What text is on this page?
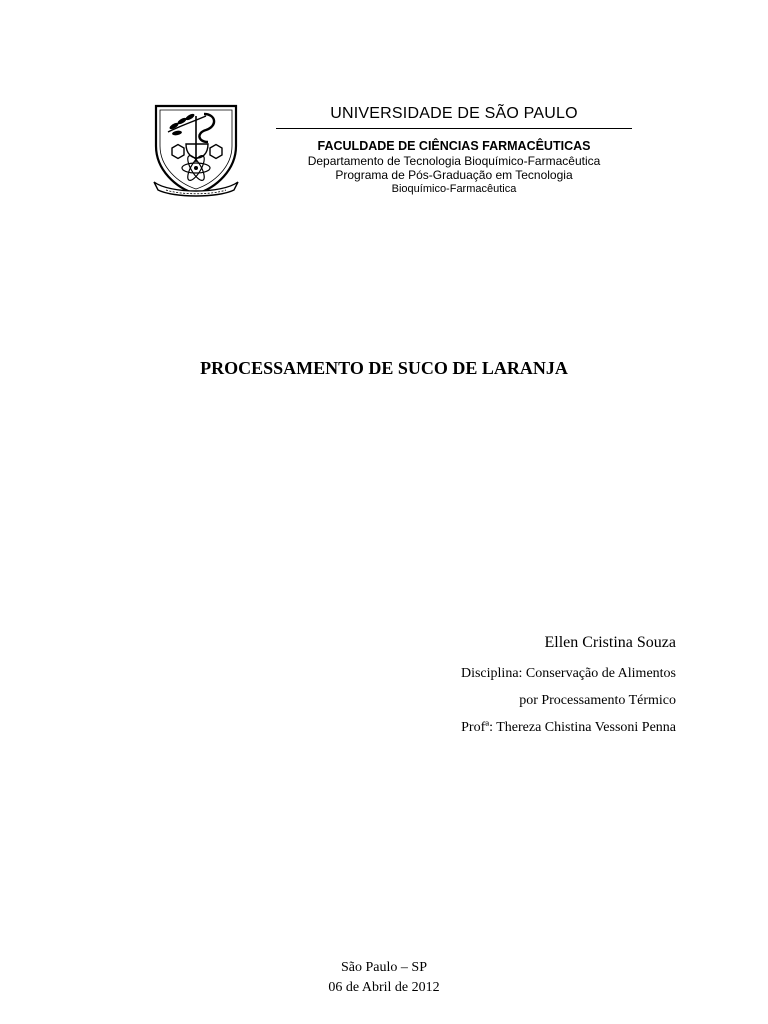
UNIVERSIDADE DE SÃO PAULO
FACULDADE DE CIÊNCIAS FARMACÊUTICAS
Departamento de Tecnologia Bioquímico-Farmacêutica
Programa de Pós-Graduação em Tecnologia
Bioquímico-Farmacêutica
PROCESSAMENTO DE SUCO DE LARANJA
Ellen Cristina Souza
Disciplina: Conservação de Alimentos
por Processamento Térmico
Profª: Thereza Chistina Vessoni Penna
São Paulo – SP
06 de Abril de 2012
